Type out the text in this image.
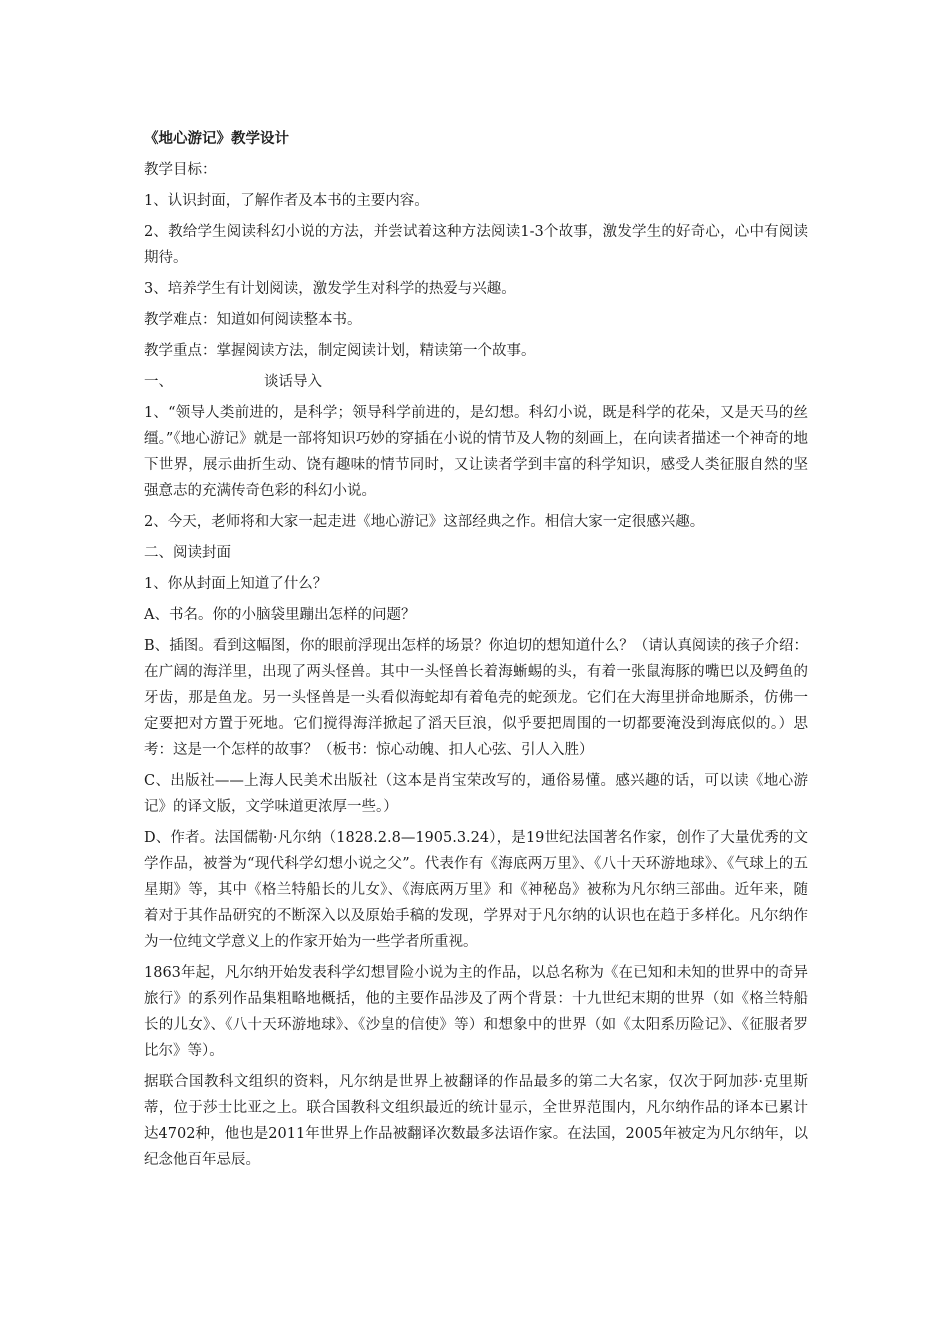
《地心游记》教学设计

教学目标：

1、认识封面，了解作者及本书的主要内容。

2、教给学生阅读科幻小说的方法，并尝试着这种方法阅读1-3个故事，激发学生的好奇心，心中有阅读期待。

3、培养学生有计划阅读，激发学生对科学的热爱与兴趣。

教学难点：知道如何阅读整本书。

教学重点：掌握阅读方法，制定阅读计划，精读第一个故事。

一、	谈话导入

1、“领导人类前进的，是科学；领导科学前进的，是幻想。科幻小说，既是科学的花朵，又是天马的丝缰。”《地心游记》就是一部将知识巧妙的穿插在小说的情节及人物的刻画上，在向读者描述一个神奇的地下世界，展示曲折生动、饶有趣味的情节同时，又让读者学到丰富的科学知识，感受人类征服自然的坚强意志的充满传奇色彩的科幻小说。

2、今天，老师将和大家一起走进《地心游记》这部经典之作。相信大家一定很感兴趣。

二、阅读封面

1、你从封面上知道了什么？

A、书名。你的小脑袋里蹦出怎样的问题？

B、插图。看到这幅图，你的眼前浮现出怎样的场景？你迫切的想知道什么？（请认真阅读的孩子介绍：在广阔的海洋里，出现了两头怪兽。其中一头怪兽长着海蜥蜴的头，有着一张鼠海豚的嘴巴以及鳄鱼的牙齿，那是鱼龙。另一头怪兽是一头看似海蛇却有着龟壳的蛇颈龙。它们在大海里拼命地厮杀，仿佛一定要把对方置于死地。它们搅得海洋掀起了滔天巨浪，似乎要把周围的一切都要淹没到海底似的。）思考：这是一个怎样的故事？（板书：惊心动魄、扣人心弦、引人入胜）

C、出版社——上海人民美术出版社（这本是肖宝荣改写的，通俗易懂。感兴趣的话，可以读《地心游记》的译文版，文学味道更浓厚一些。）

D、作者。法国儒勒·凡尔纳（1828.2.8—1905.3.24），是19世纪法国著名作家，创作了大量优秀的文学作品，被誉为“现代科学幻想小说之父”。代表作有《海底两万里》、《八十天环游地球》、《气球上的五星期》等，其中《格兰特船长的儿女》、《海底两万里》和《神秘岛》被称为凡尔纳三部曲。近年来，随着对于其作品研究的不断深入以及原始手稿的发现，学界对于凡尔纳的认识也在趋于多样化。凡尔纳作为一位纯文学意义上的作家开始为一些学者所重视。

1863年起，凡尔纳开始发表科学幻想冒险小说为主的作品，以总名称为《在已知和未知的世界中的奇异旅行》的系列作品集粗略地概括，他的主要作品涉及了两个背景：十九世纪末期的世界（如《格兰特船长的儿女》、《八十天环游地球》、《沙皇的信使》等）和想象中的世界（如《太阳系历险记》、《征服者罗比尔》等）。

据联合国教科文组织的资料，凡尔纳是世界上被翻译的作品最多的第二大名家，仅次于阿加莎·克里斯蒂，位于莎士比亚之上。联合国教科文组织最近的统计显示，全世界范围内，凡尔纳作品的译本已累计达4702种，他也是2011年世界上作品被翻译次数最多法语作家。在法国，2005年被定为凡尔纳年，以纪念他百年忌辰。
